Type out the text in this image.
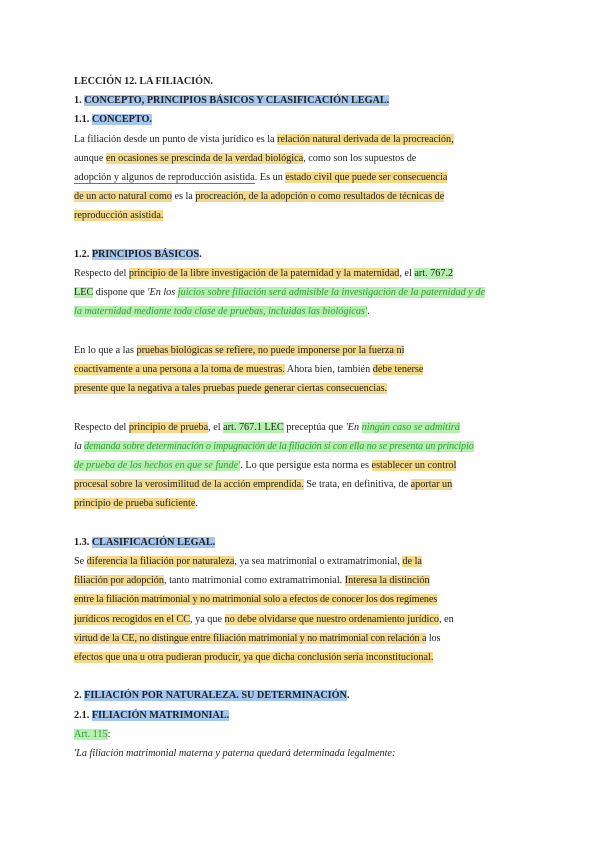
LECCIÓN 12. LA FILIACIÓN.
1. CONCEPTO, PRINCIPIOS BÁSICOS Y CLASIFICACIÓN LEGAL.
1.1. CONCEPTO.
La filiación desde un punto de vista jurídico es la relación natural derivada de la procreación,
aunque en ocasiones se prescinda de la verdad biológica, como son los supuestos de
adopción y algunos de reproducción asistida. Es un estado civil que puede ser consecuencia
de un acto natural como es la procreación, de la adopción o como resultados de técnicas de
reproducción asistida.
1.2. PRINCIPIOS BÁSICOS.
Respecto del principio de la libre investigación de la paternidad y la maternidad, el art. 767.2
LEC dispone que 'En los juicios sobre filiación será admisible la investigación de la paternidad y de
la maternidad mediante toda clase de pruebas, incluidas las biológicas'.
En lo que a las pruebas biológicas se refiere, no puede imponerse por la fuerza ni
coactivamente a una persona a la toma de muestras. Ahora bien, también debe tenerse
presente que la negativa a tales pruebas puede generar ciertas consecuencias.
Respecto del principio de prueba, el art. 767.1 LEC preceptúa que 'En ningún caso se admitirá
la demanda sobre determinación o impugnación de la filiación si con ella no se presenta un principio
de prueba de los hechos en que se funde'. Lo que persigue esta norma es establecer un control
procesal sobre la verosimilitud de la acción emprendida. Se trata, en definitiva, de aportar un
principio de prueba suficiente.
1.3. CLASIFICACIÓN LEGAL.
Se diferencia la filiación por naturaleza, ya sea matrimonial o extramatrimonial, de la
filiación por adopción, tanto matrimonial como extramatrimonial. Interesa la distinción
entre la filiación matrimonial y no matrimonial solo a efectos de conocer los dos regímenes
jurídicos recogidos en el CC, ya que no debe olvidarse que nuestro ordenamiento jurídico, en
virtud de la CE, no distingue entre filiación matrimonial y no matrimonial con relación a los
efectos que una u otra pudieran producir, ya que dicha conclusión sería inconstitucional.
2. FILIACIÓN POR NATURALEZA. SU DETERMINACIÓN.
2.1. FILIACIÓN MATRIMONIAL.
Art. 115:
'La filiación matrimonial materna y paterna quedará determinada legalmente:
